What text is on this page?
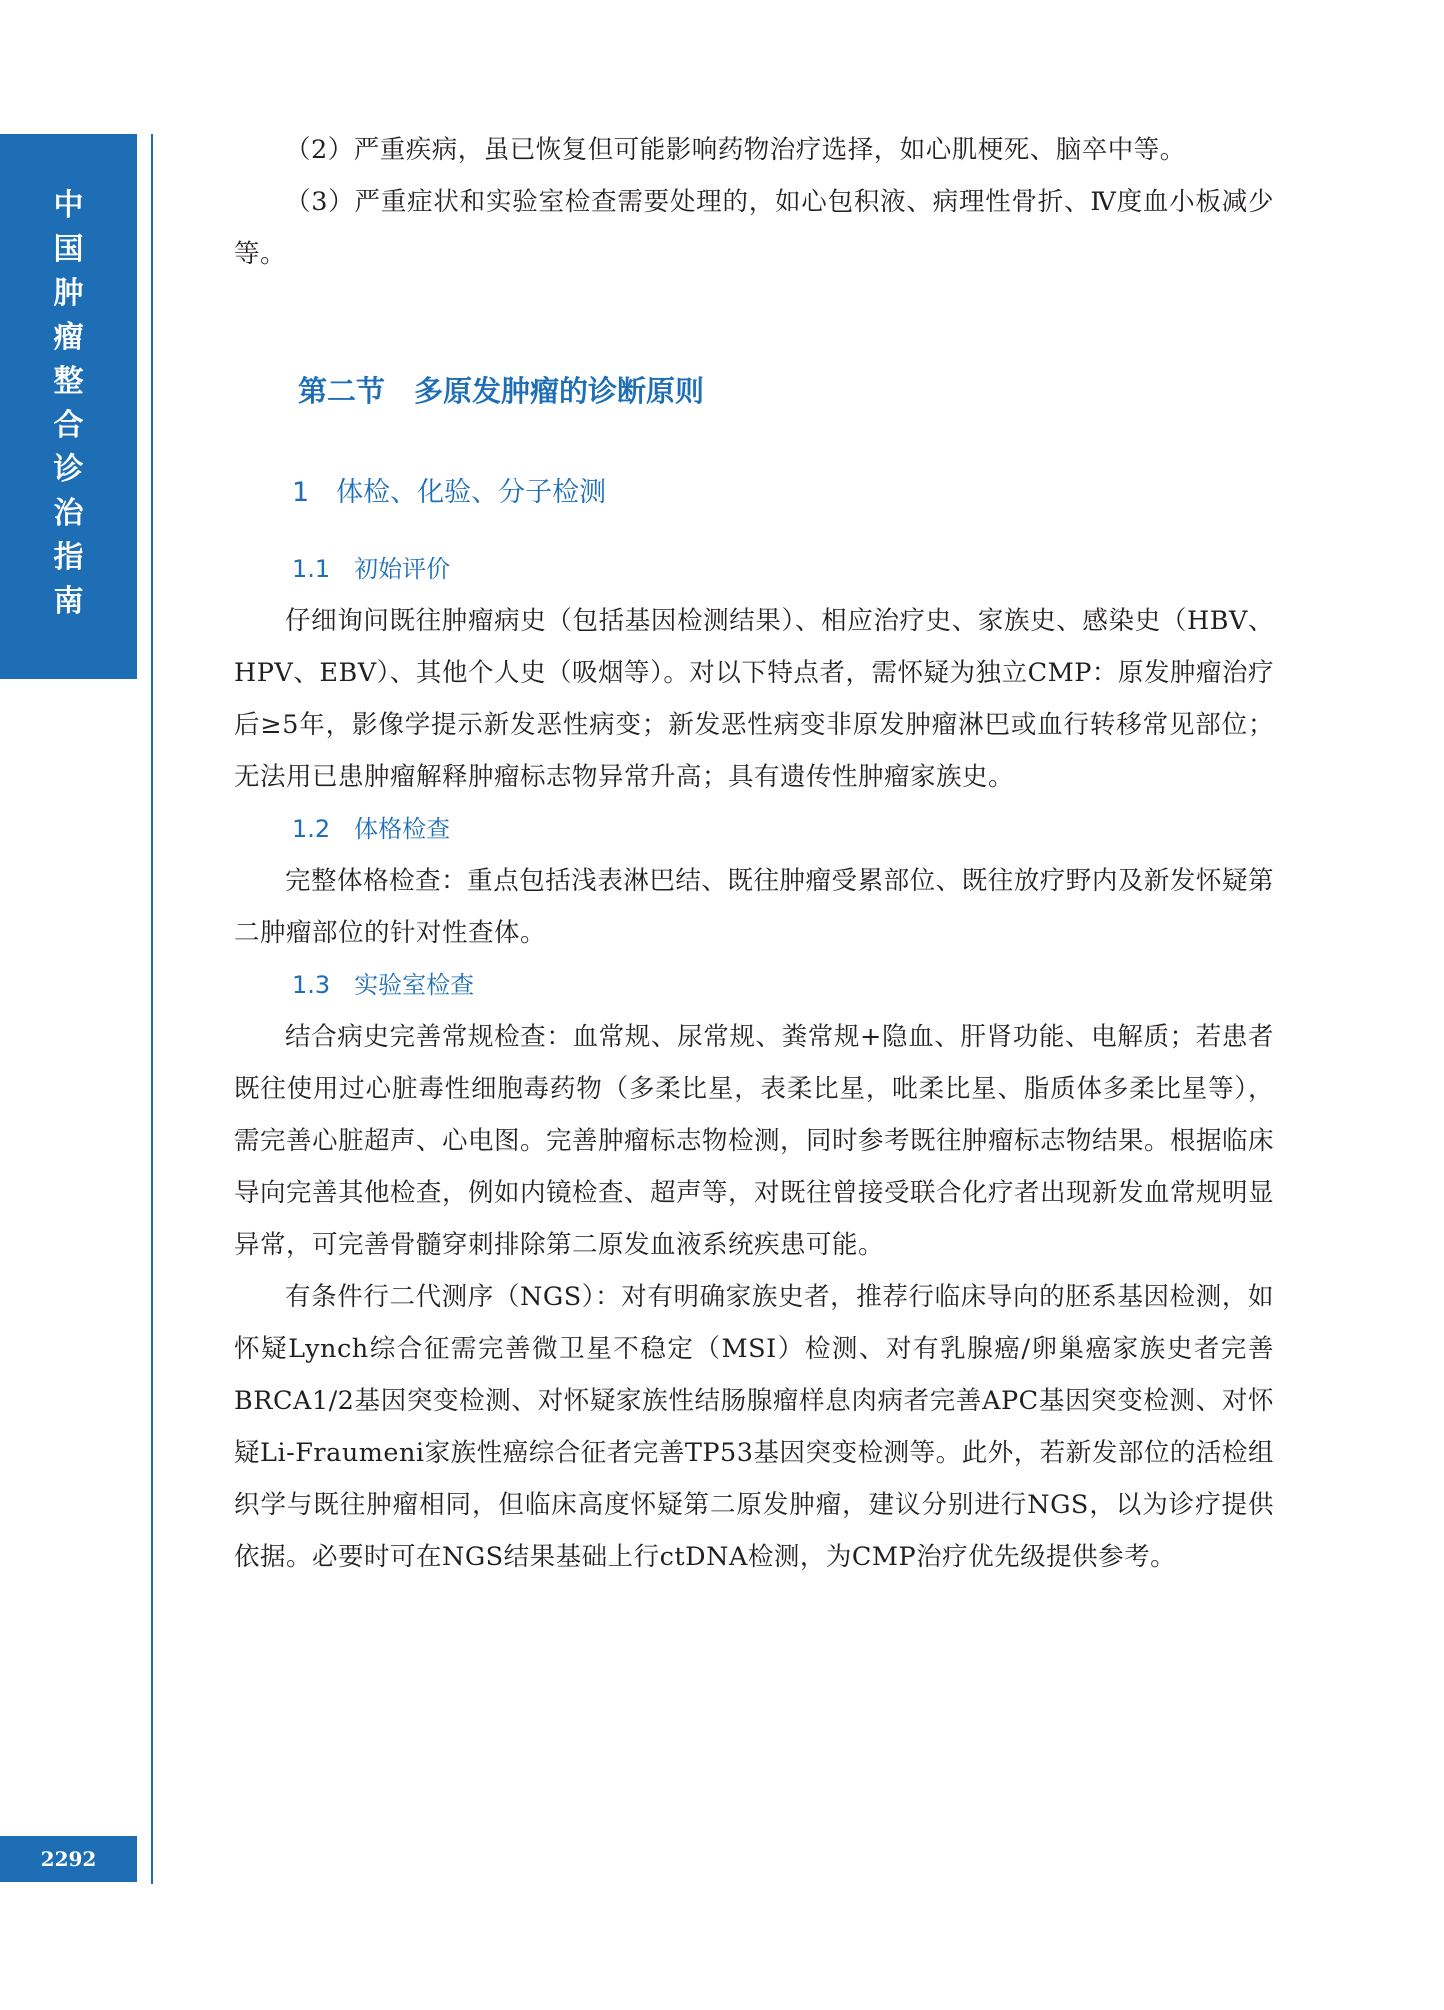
中
国
肿
瘤
整
合
诊
治
指
南
2292

（2）严重疾病，虽已恢复但可能影响药物治疗选择，如心肌梗死、脑卒中等。

（3）严重症状和实验室检查需要处理的，如心包积液、病理性骨折、Ⅳ度血小板减少等。

第二节　多原发肿瘤的诊断原则
1　体检、化验、分子检测
1.1　初始评价

仔细询问既往肿瘤病史（包括基因检测结果）、相应治疗史、家族史、感染史（HBV、HPV、EBV）、其他个人史（吸烟等）。对以下特点者，需怀疑为独立CMP：原发肿瘤治疗后≥5年，影像学提示新发恶性病变；新发恶性病变非原发肿瘤淋巴或血行转移常见部位；无法用已患肿瘤解释肿瘤标志物异常升高；具有遗传性肿瘤家族史。

1.2　体格检查

完整体格检查：重点包括浅表淋巴结、既往肿瘤受累部位、既往放疗野内及新发怀疑第二肿瘤部位的针对性查体。

1.3　实验室检查

结合病史完善常规检查：血常规、尿常规、粪常规+隐血、肝肾功能、电解质；若患者既往使用过心脏毒性细胞毒药物（多柔比星，表柔比星，吡柔比星、脂质体多柔比星等），需完善心脏超声、心电图。完善肿瘤标志物检测，同时参考既往肿瘤标志物结果。根据临床导向完善其他检查，例如内镜检查、超声等，对既往曾接受联合化疗者出现新发血常规明显异常，可完善骨髓穿刺排除第二原发血液系统疾患可能。

有条件行二代测序（NGS）：对有明确家族史者，推荐行临床导向的胚系基因检测，如怀疑Lynch综合征需完善微卫星不稳定（MSI）检测、对有乳腺癌/卵巢癌家族史者完善BRCA1/2基因突变检测、对怀疑家族性结肠腺瘤样息肉病者完善APC基因突变检测、对怀疑Li-Fraumeni家族性癌综合征者完善TP53基因突变检测等。此外，若新发部位的活检组织学与既往肿瘤相同，但临床高度怀疑第二原发肿瘤，建议分别进行NGS，以为诊疗提供依据。必要时可在NGS结果基础上行ctDNA检测，为CMP治疗优先级提供参考。
